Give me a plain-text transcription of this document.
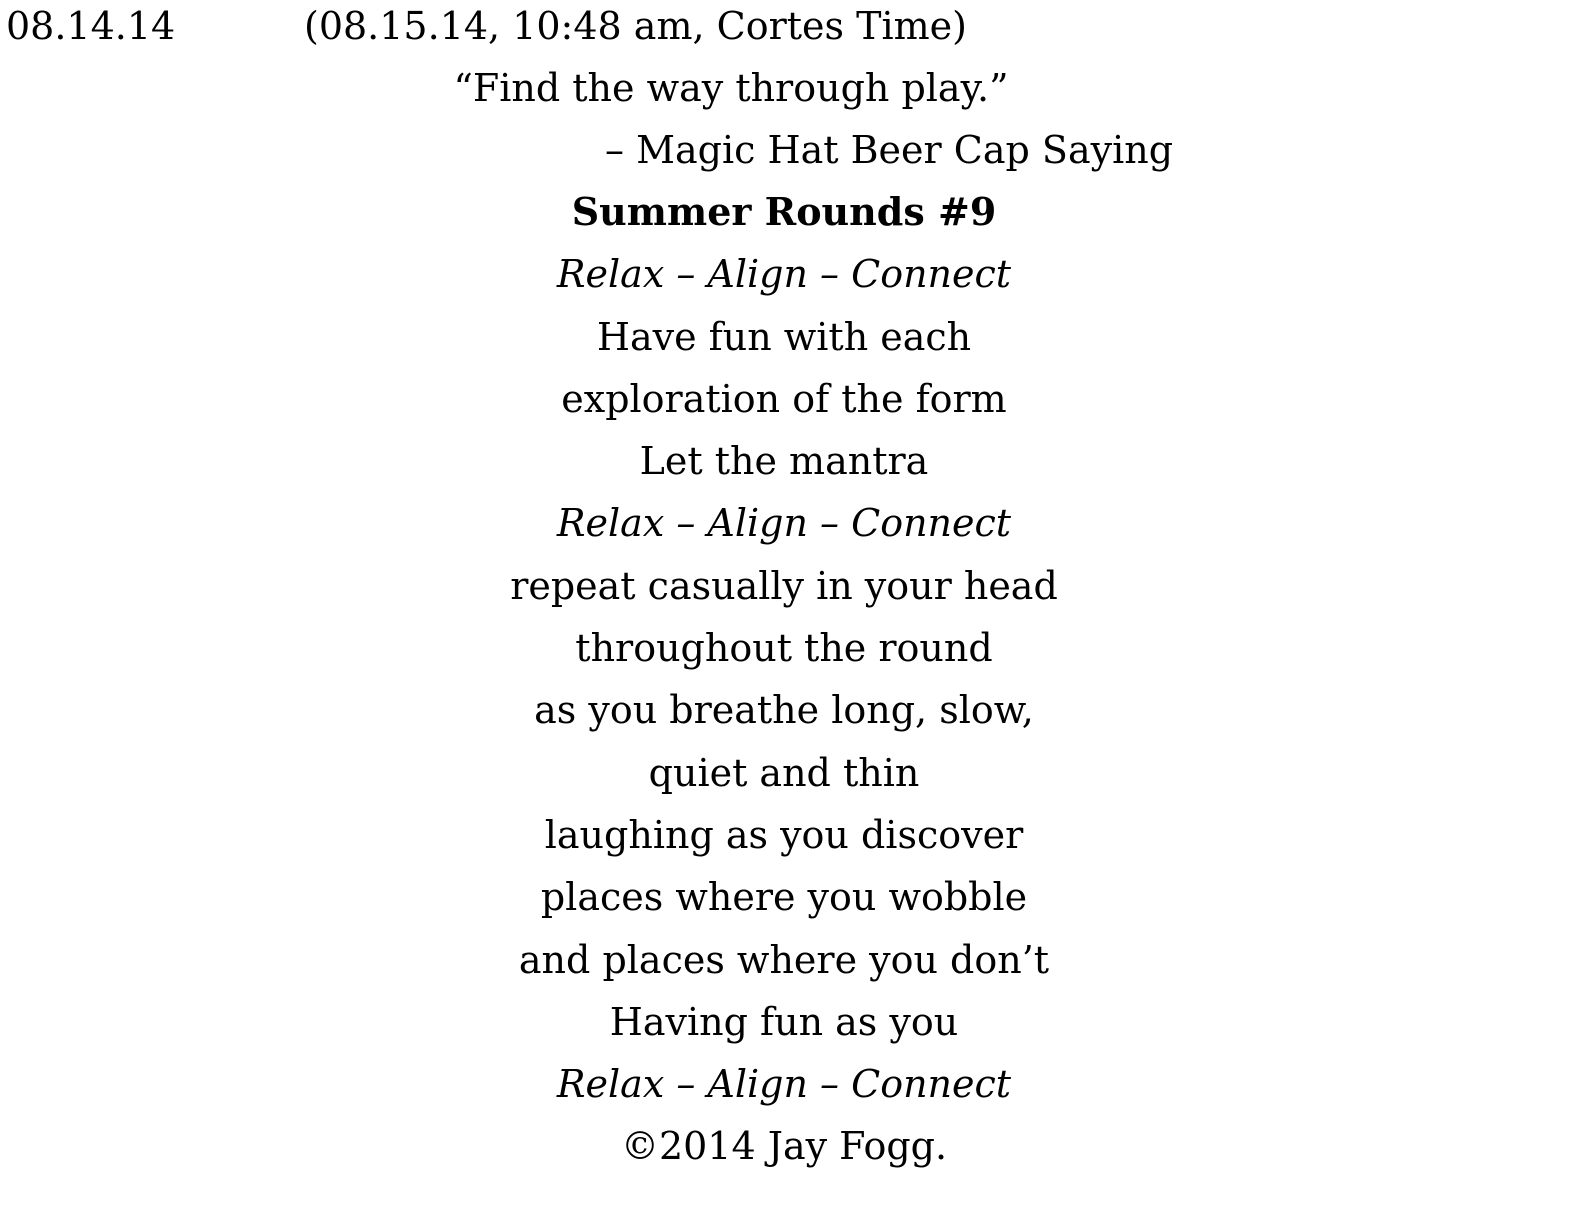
08.14.14	(08.15.14, 10:48 am, Cortes Time)
“Find the way through play.”
– Magic Hat Beer Cap Saying
Summer Rounds #9
Relax – Align – Connect
Have fun with each
exploration of the form
Let the mantra
Relax – Align – Connect
repeat casually in your head
throughout the round
as you breathe long, slow,
quiet and thin
laughing as you discover
places where you wobble
and places where you don’t
Having fun as you
Relax – Align – Connect
©2014 Jay Fogg.
